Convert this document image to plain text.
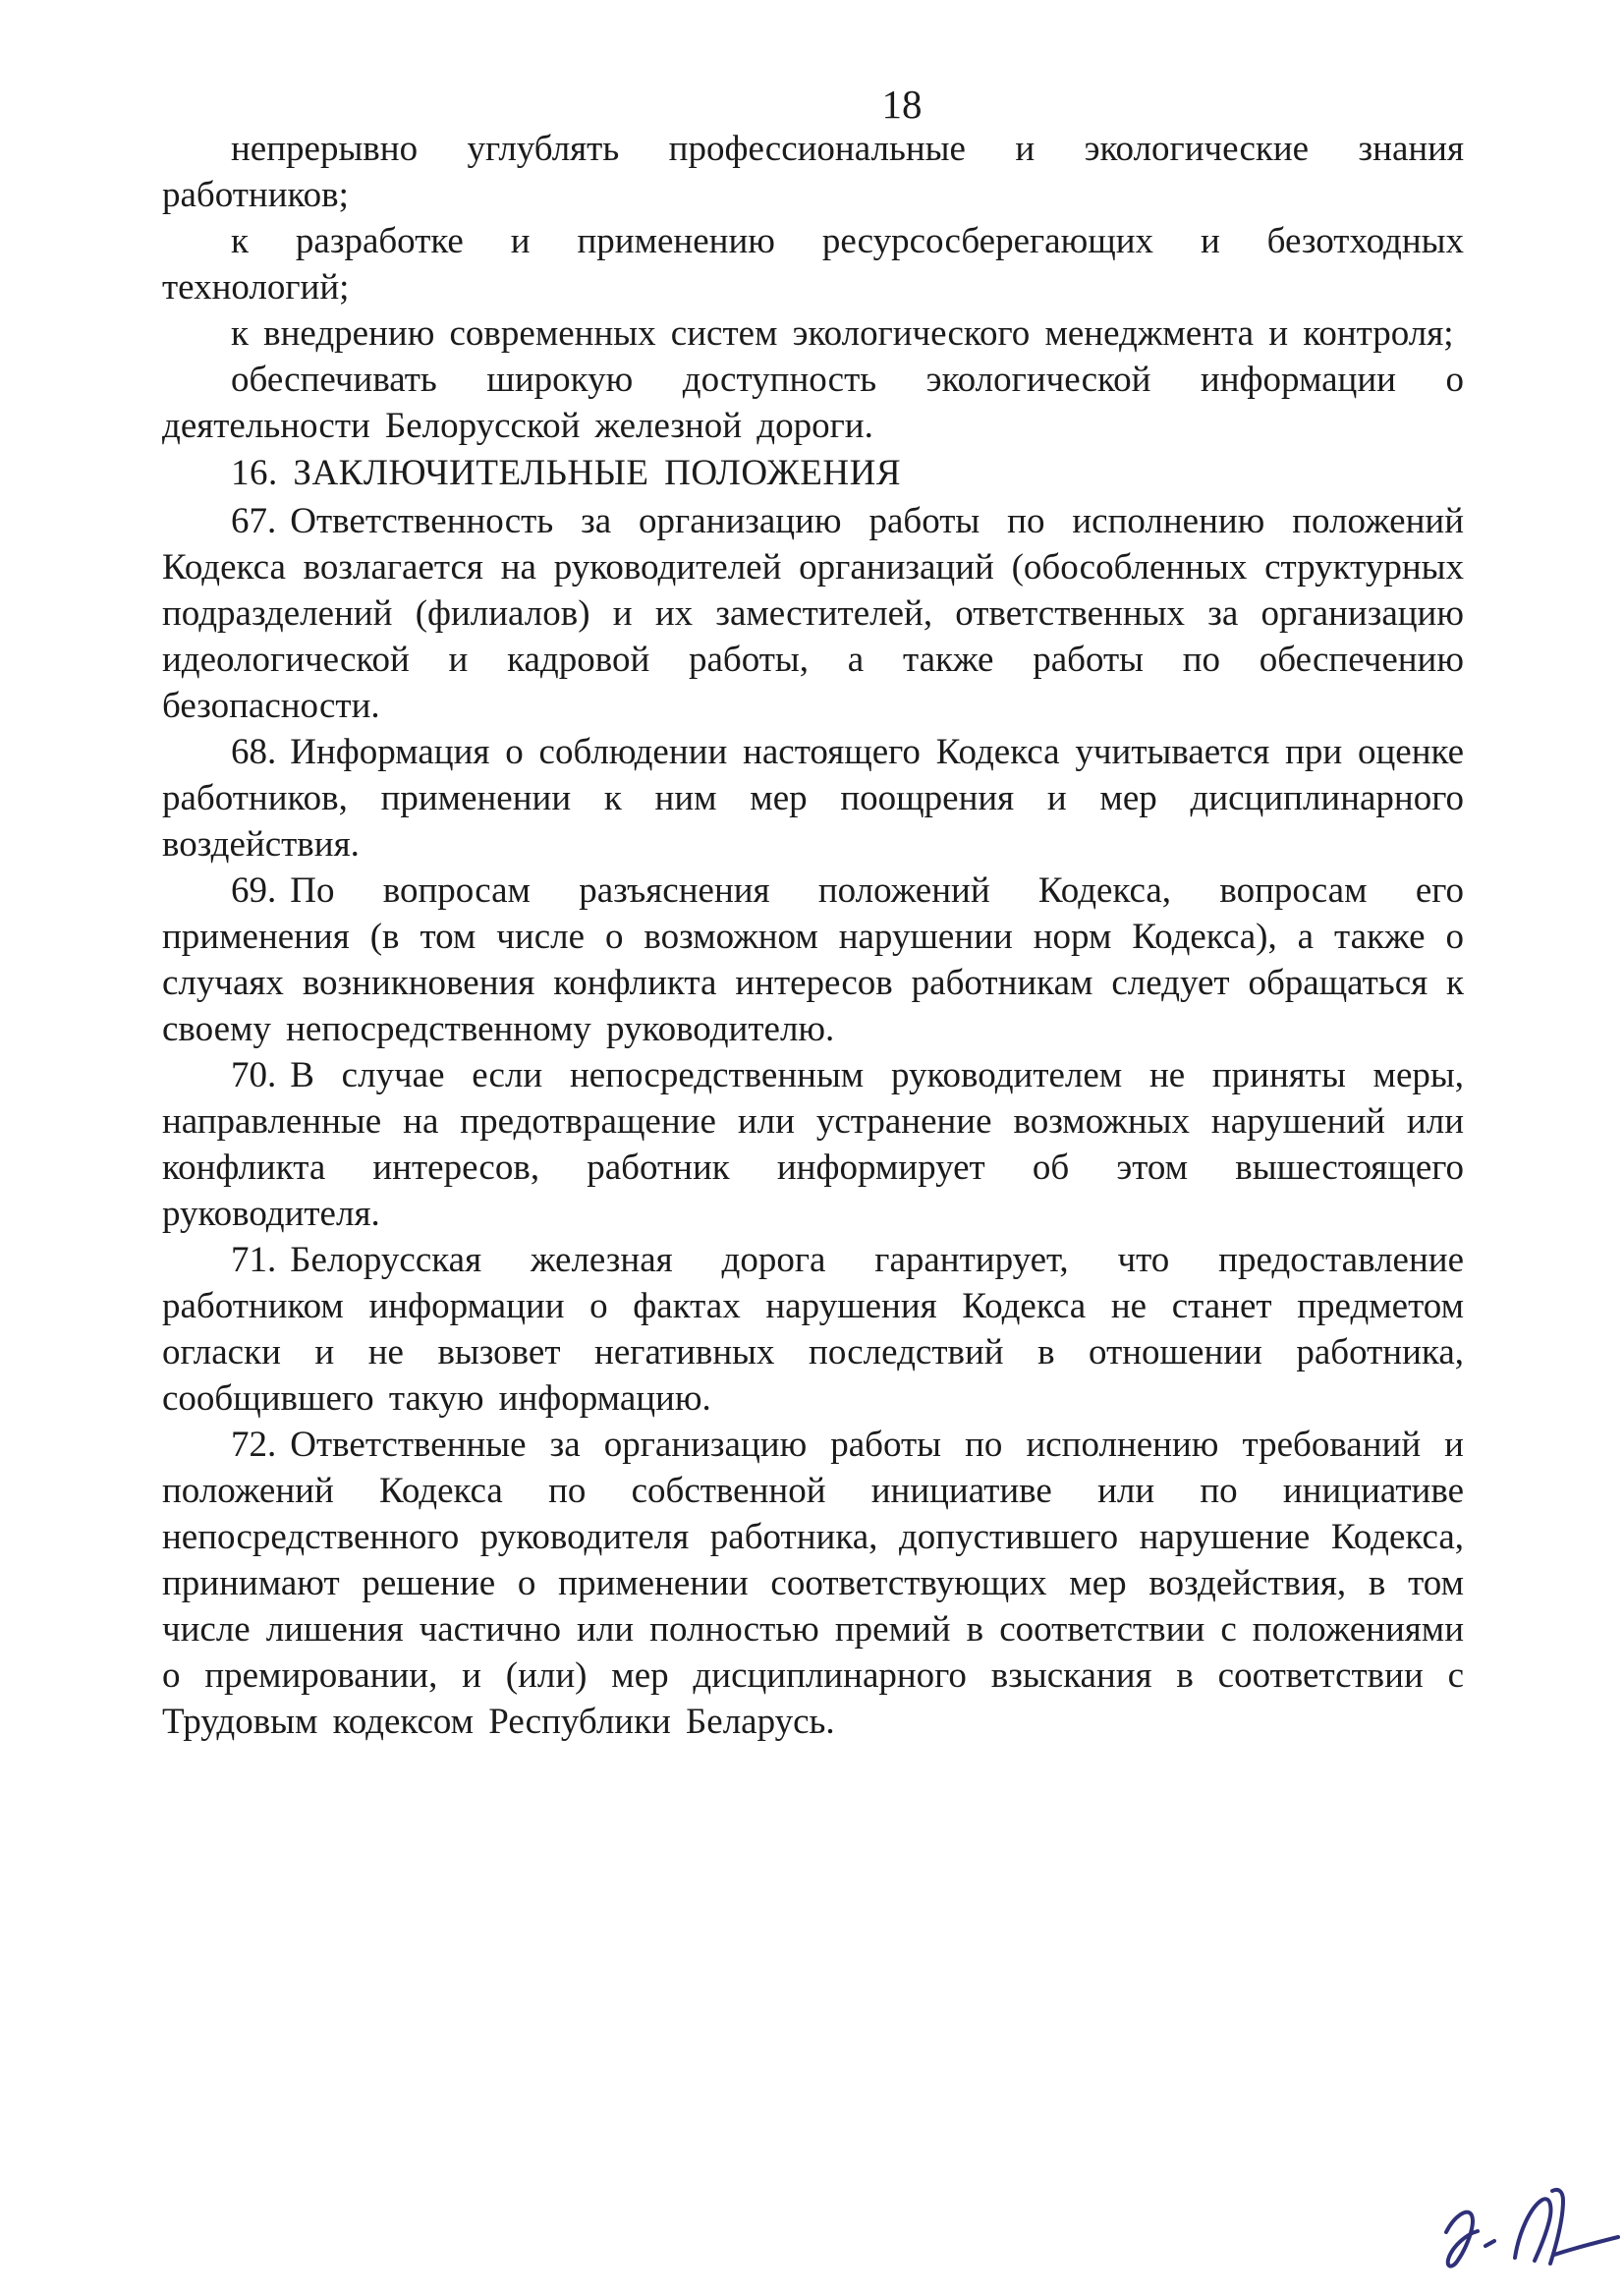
18

непрерывно углублять профессиональные и экологические знания работников;

к разработке и применению ресурсосберегающих и безотходных технологий;

к внедрению современных систем экологического менеджмента и контроля;

обеспечивать широкую доступность экологической информации о деятельности Белорусской железной дороги.

16. ЗАКЛЮЧИТЕЛЬНЫЕ ПОЛОЖЕНИЯ

67. Ответственность за организацию работы по исполнению положений Кодекса возлагается на руководителей организаций (обособленных структурных подразделений (филиалов) и их заместителей, ответственных за организацию идеологической и кадровой работы, а также работы по обеспечению безопасности.

68. Информация о соблюдении настоящего Кодекса учитывается при оценке работников, применении к ним мер поощрения и мер дисциплинарного воздействия.

69. По вопросам разъяснения положений Кодекса, вопросам его применения (в том числе о возможном нарушении норм Кодекса), а также о случаях возникновения конфликта интересов работникам следует обращаться к своему непосредственному руководителю.

70. В случае если непосредственным руководителем не приняты меры, направленные на предотвращение или устранение возможных нарушений или конфликта интересов, работник информирует об этом вышестоящего руководителя.

71. Белорусская железная дорога гарантирует, что предоставление работником информации о фактах нарушения Кодекса не станет предметом огласки и не вызовет негативных последствий в отношении работника, сообщившего такую информацию.

72. Ответственные за организацию работы по исполнению требований и положений Кодекса по собственной инициативе или по инициативе непосредственного руководителя работника, допустившего нарушение Кодекса, принимают решение о применении соответствующих мер воздействия, в том числе лишения частично или полностью премий в соответствии с положениями о премировании, и (или) мер дисциплинарного взыскания в соответствии с Трудовым кодексом Республики Беларусь.
